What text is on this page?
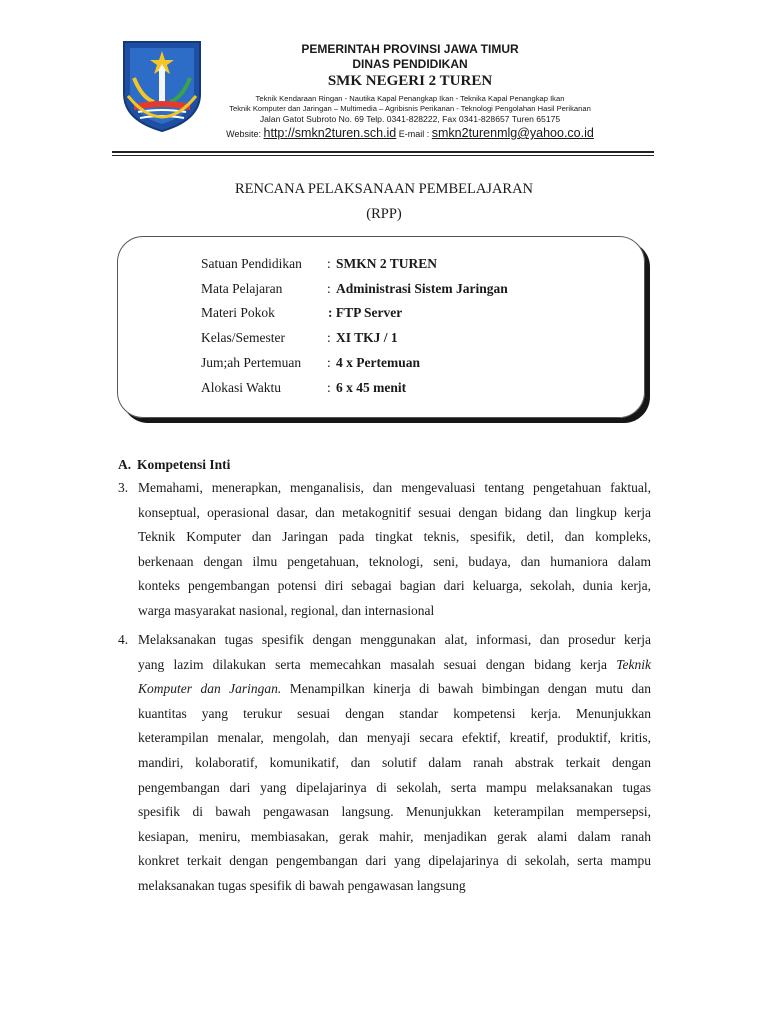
PEMERINTAH PROVINSI JAWA TIMUR
DINAS PENDIDIKAN
SMK NEGERI 2 TUREN
Teknik Kendaraan Ringan - Nautika Kapal Penangkap Ikan - Teknika Kapal Penangkap Ikan
Teknik Komputer dan Jaringan – Multimedia – Agribisnis Perikanan - Teknologi Pengolahan Hasil Perikanan
Jalan Gatot Subroto No. 69 Telp. 0341-828222, Fax 0341-828657 Turen 65175
Website: http://smkn2turen.sch.id E-mail : smkn2turenmlg@yahoo.co.id
RENCANA PELAKSANAAN PEMBELAJARAN
(RPP)
Satuan Pendidikan : SMKN 2 TUREN
Mata Pelajaran	: Administrasi Sistem Jaringan
Materi Pokok	: FTP Server
Kelas/Semester	: XI TKJ / 1
Jum;ah Pertemuan : 4 x Pertemuan
Alokasi Waktu	: 6 x 45 menit
A. Kompetensi Inti
3. Memahami, menerapkan, menganalisis, dan mengevaluasi tentang pengetahuan faktual,
konseptual, operasional dasar, dan metakognitif sesuai dengan bidang dan lingkup kerja
Teknik Komputer dan Jaringan pada tingkat teknis, spesifik, detil, dan kompleks,
berkenaan dengan ilmu pengetahuan, teknologi, seni, budaya, dan humaniora dalam
konteks pengembangan potensi diri sebagai bagian dari keluarga, sekolah, dunia kerja,
warga masyarakat nasional, regional, dan internasional
4. Melaksanakan tugas spesifik dengan menggunakan alat, informasi, dan prosedur kerja
yang lazim dilakukan serta memecahkan masalah sesuai dengan bidang kerja Teknik
Komputer dan Jaringan. Menampilkan kinerja di bawah bimbingan dengan mutu dan
kuantitas yang terukur sesuai dengan standar kompetensi kerja. Menunjukkan
keterampilan menalar, mengolah, dan menyaji secara efektif, kreatif, produktif, kritis,
mandiri, kolaboratif, komunikatif, dan solutif dalam ranah abstrak terkait dengan
pengembangan dari yang dipelajarinya di sekolah, serta mampu melaksanakan tugas
spesifik di bawah pengawasan langsung. Menunjukkan keterampilan mempersepsi,
kesiapan, meniru, membiasakan, gerak mahir, menjadikan gerak alami dalam ranah
konkret terkait dengan pengembangan dari yang dipelajarinya di sekolah, serta mampu
melaksanakan tugas spesifik di bawah pengawasan langsung
